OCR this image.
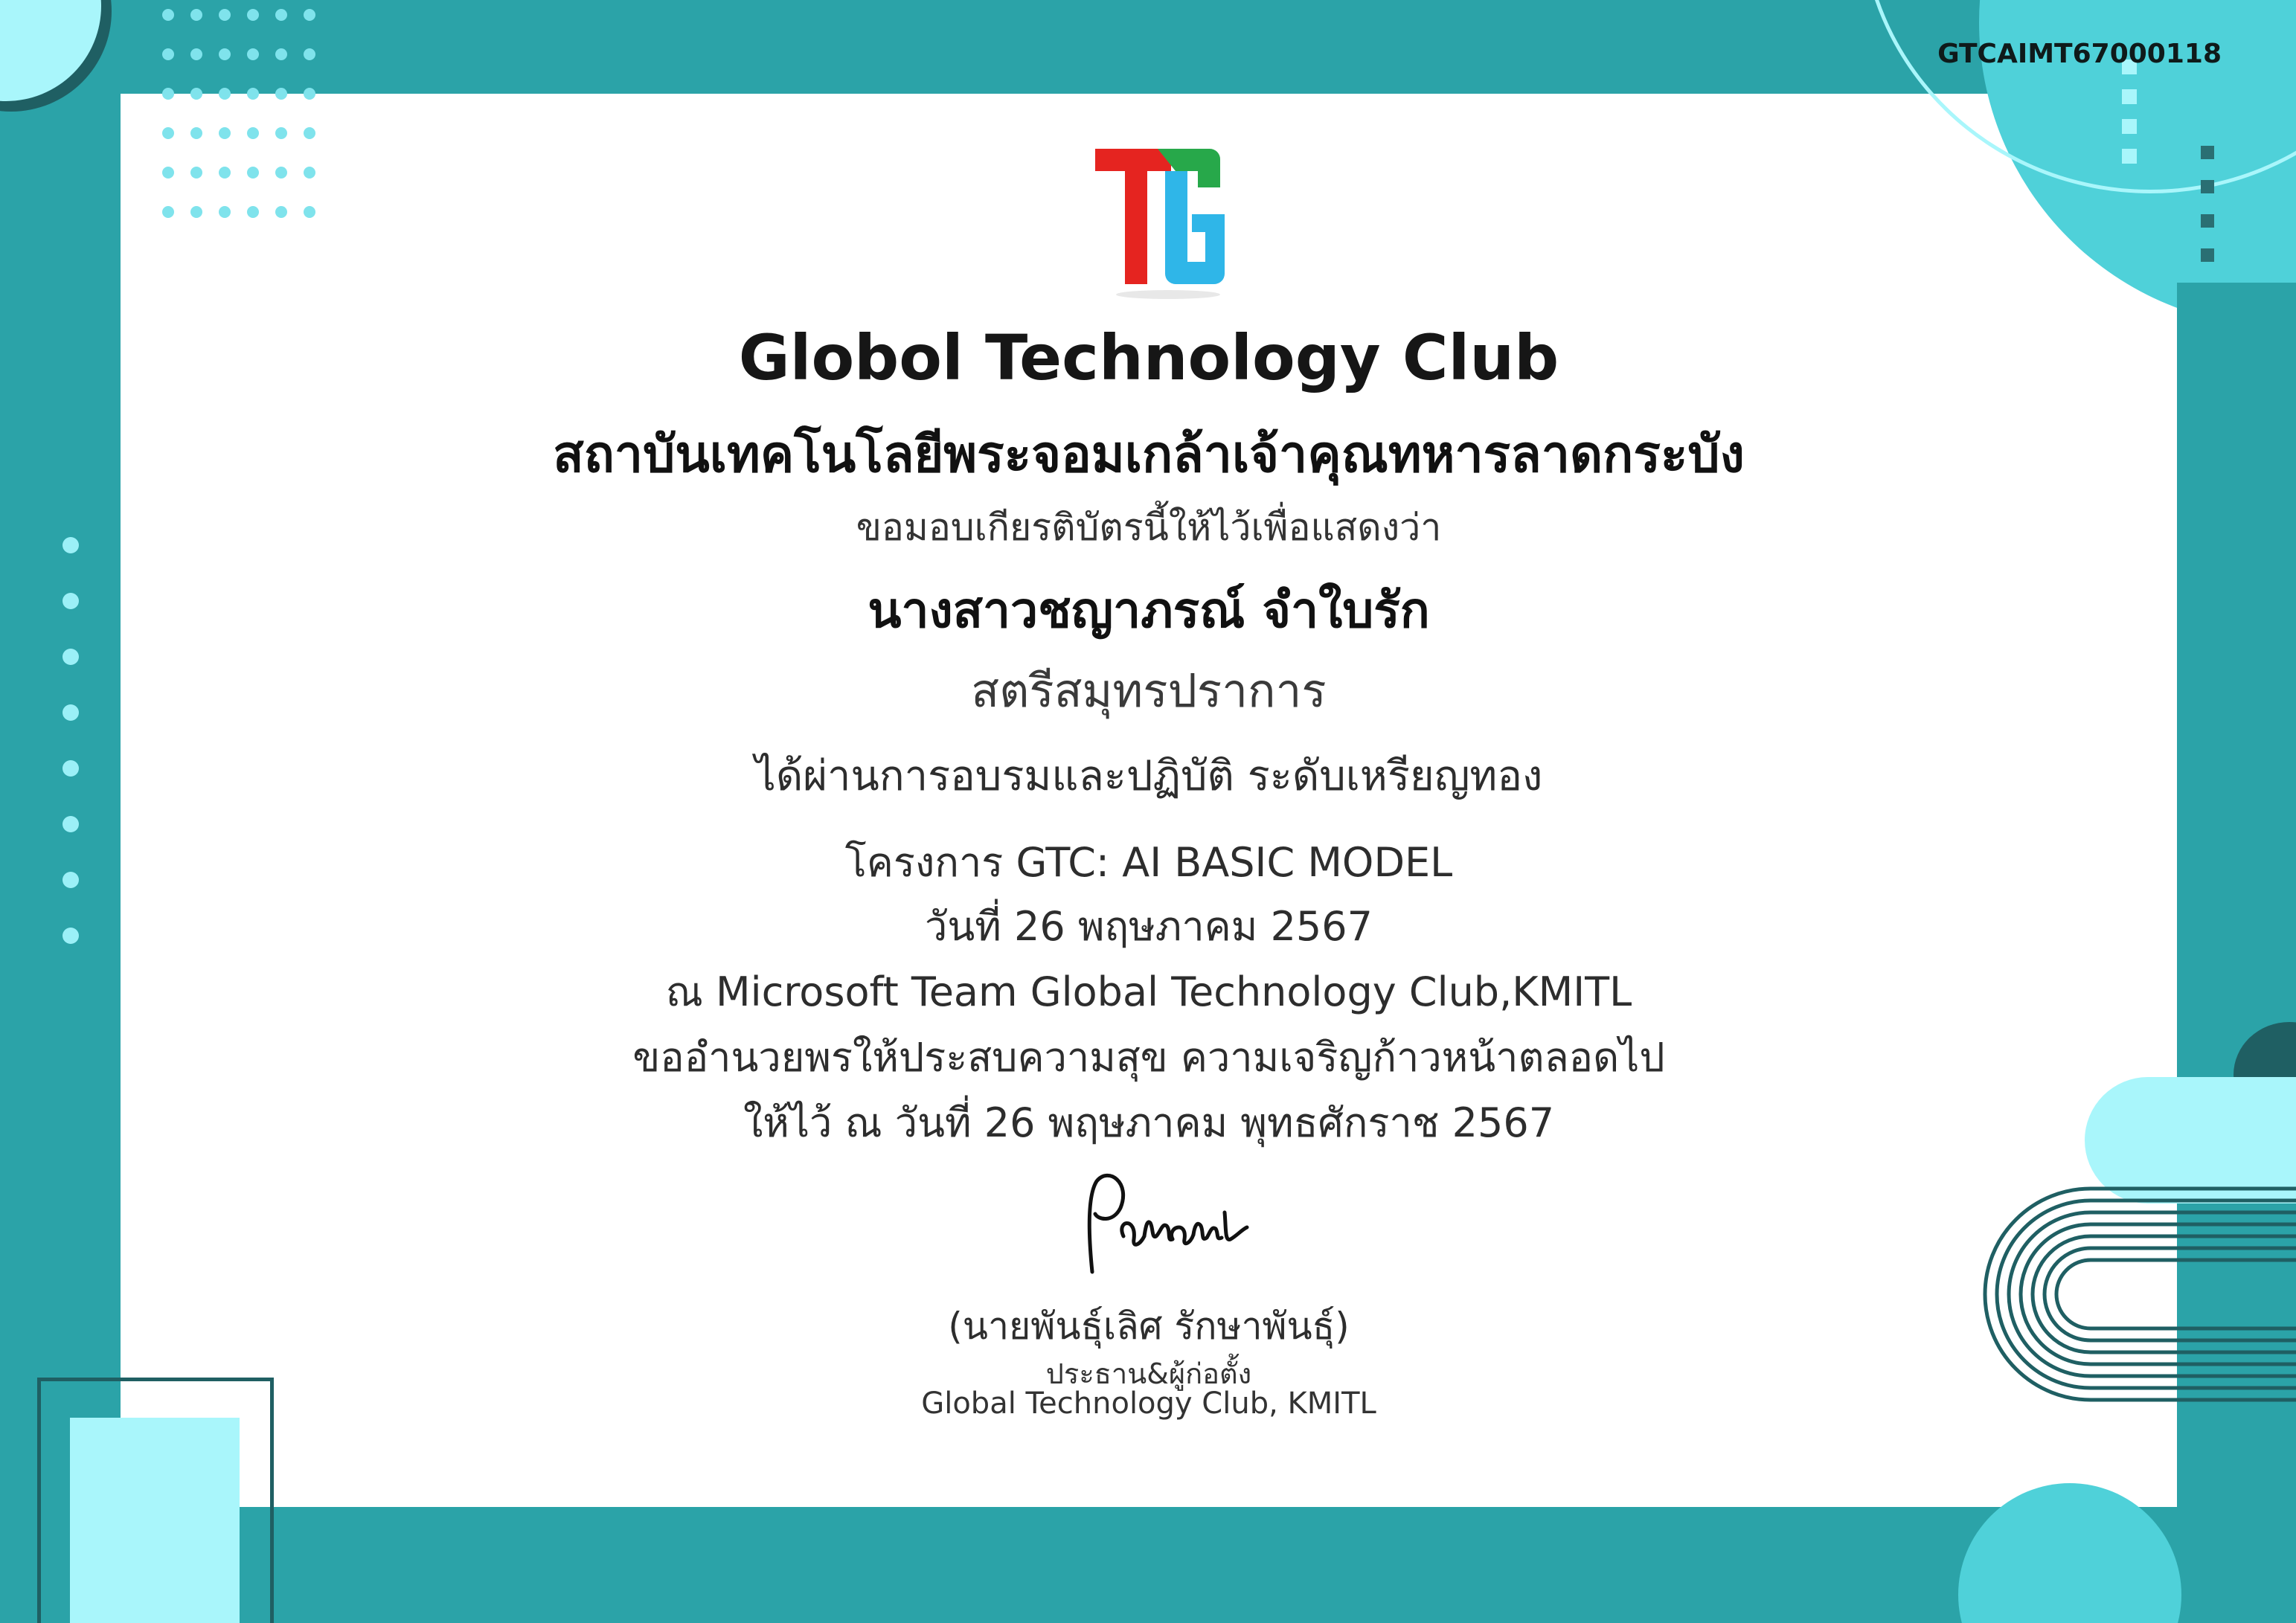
GTCAIMT67000118
Globol Technology Club
สถาบันเทคโนโลยีพระจอมเกล้าเจ้าคุณทหารลาดกระบัง
ขอมอบเกียรติบัตรนี้ให้ไว้เพื่อแสดงว่า
นางสาวชญาภรณ์ จำใบรัก
สตรีสมุทรปราการ
ได้ผ่านการอบรมและปฏิบัติ ระดับเหรียญทอง
โครงการ GTC: AI BASIC MODEL
วันที่ 26 พฤษภาคม 2567
ณ Microsoft Team Global Technology Club,KMITL
ขออำนวยพรให้ประสบความสุข ความเจริญก้าวหน้าตลอดไป
ให้ไว้ ณ วันที่ 26 พฤษภาคม พุทธศักราช 2567
(นายพันธุ์เลิศ รักษาพันธุ์)
ประธาน&ผู้ก่อตั้ง
Global Technology Club, KMITL
